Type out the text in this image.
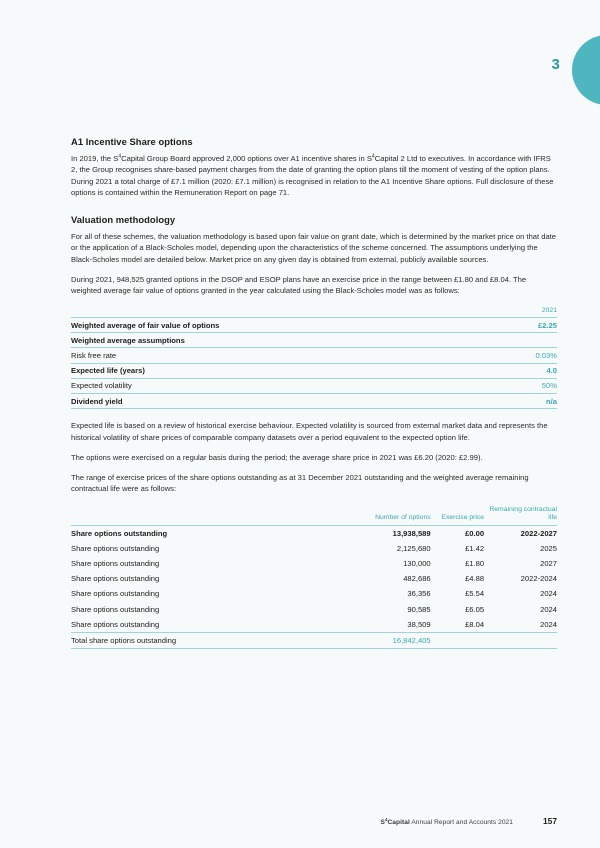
3
A1 Incentive Share options

In 2019, the $S^4Capital$ Group Board approved 2,000 options over A1 incentive shares in $S^4Capital$ 2 Ltd to executives. In accordance with IFRS 2, the Group recognises share-based payment charges from the date of granting the option plans till the moment of vesting of the option plans. During 2021 a total charge of £7.1 million (2020: £7.1 million) is recognised in relation to the A1 Incentive Share options. Full disclosure of these options is contained within the Remuneration Report on page 71.

Valuation methodology

For all of these schemes, the valuation methodology is based upon fair value on grant date, which is determined by the market price on that date or the application of a Black-Scholes model, depending upon the characteristics of the scheme concerned. The assumptions underlying the Black-Scholes model are detailed below. Market price on any given day is obtained from external, publicly available sources.

During 2021, 948,525 granted options in the DSOP and ESOP plans have an exercise price in the range between £1.80 and £8.04. The weighted average fair value of options granted in the year calculated using the Black-Scholes model was as follows:

	2021
Weighted average of fair value of options	£2.25
Weighted average assumptions	
Risk free rate	0.03%
Expected life (years)	4.0
Expected volatility	50%
Dividend yield	n/a

Expected life is based on a review of historical exercise behaviour. Expected volatility is sourced from external market data and represents the historical volatility of share prices of comparable company datasets over a period equivalent to the expected option life.

The options were exercised on a regular basis during the period; the average share price in 2021 was £6.20 (2020: £2.99).

The range of exercise prices of the share options outstanding as at 31 December 2021 outstanding and the weighted average remaining contractual life were as follows:

	Number of options	Exercise price	Remaining contractual life
Share options outstanding	13,938,589	£0.00	2022-2027
Share options outstanding	2,125,680	£1.42	2025
Share options outstanding	130,000	£1.80	2027
Share options outstanding	482,686	£4.88	2022-2024
Share options outstanding	36,356	£5.54	2024
Share options outstanding	90,585	£6.05	2024
Share options outstanding	38,509	£8.04	2024
Total share options outstanding	16,842,405		
$S^4Capital$ Annual Report and Accounts 2021	157
